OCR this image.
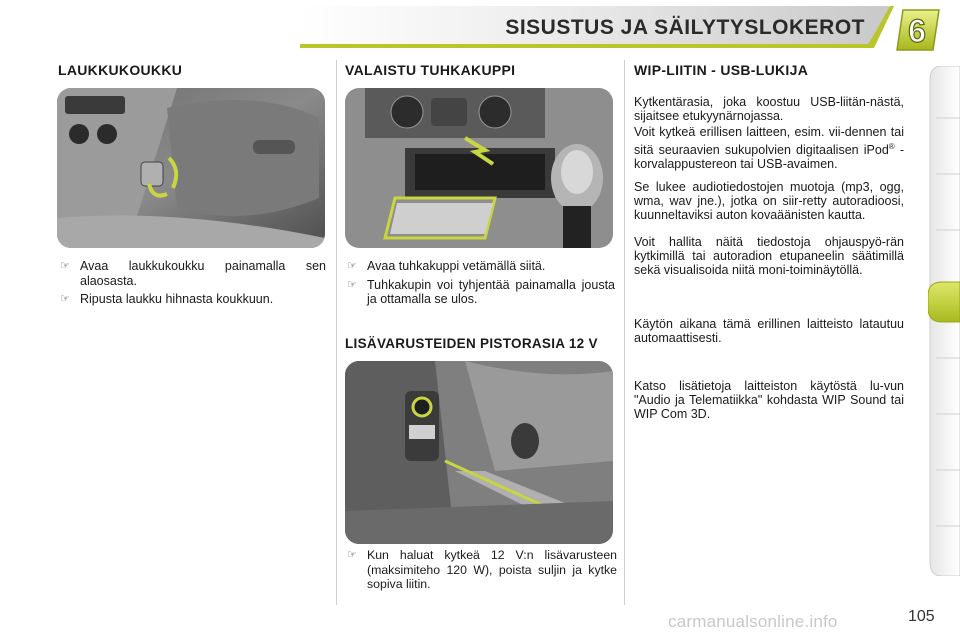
SISUSTUS JA SÄILYTYSLOKEROT 6
LAUKKUKOUKKU
☞ Avaa laukkukoukku painamalla sen alaosasta.
☞ Ripusta laukku hihnasta koukkuun.
VALAISTU TUHKAKUPPI
☞ Avaa tuhkakuppi vetämällä siitä.
☞ Tuhkakupin voi tyhjentää painamalla jousta ja ottamalla se ulos.
LISÄVARUSTEIDEN PISTORASIA 12 V
☞ Kun haluat kytkeä 12 V:n lisävarusteen (maksimiteho 120 W), poista suljin ja kytke sopiva liitin.
WIP-LIITIN - USB-LUKIJA

Kytkentärasia, joka koostuu USB-liitän-nästä, sijaitsee etukyynärnojassa.

Voit kytkeä erillisen laitteen, esim. vii-dennen tai sitä seuraavien sukupolvien digitaalisen iPod® -korvalappustereon tai USB-avaimen.

Se lukee audiotiedostojen muotoja (mp3, ogg, wma, wav jne.), jotka on siir-retty autoradioosi, kuunneltaviksi auton kovaäänisten kautta.

Voit hallita näitä tiedostoja ohjauspyö-rän kytkimillä tai autoradion etupaneelin säätimillä sekä visualisoida niitä moni-toiminäytöllä.

Käytön aikana tämä erillinen laitteisto latautuu automaattisesti.

Katso lisätietoja laitteiston käytöstä lu-vun "Audio ja Telematiikka" kohdasta WIP Sound tai WIP Com 3D.

carmanualsonline.info	105
